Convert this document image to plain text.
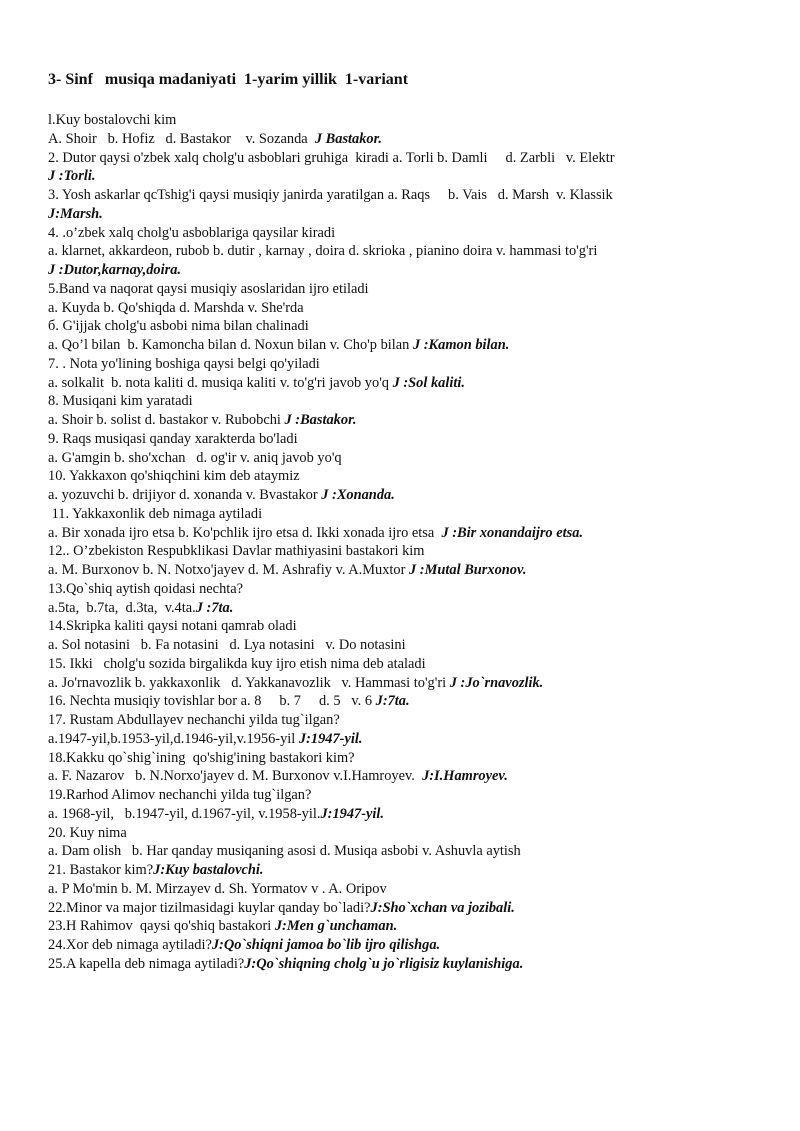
3- Sinf   musiqa madaniyati  1-yarim yillik  1-variant
l.Kuy bostalovchi kim
A. Shoir   b. Hofiz   d. Bastakor    v. Sozanda  J Bastakor.
2. Dutor qaysi o'zbek xalq cholg'u asboblari gruhiga  kiradi a. Torli b. Damli     d. Zarbli   v. Elektr
J :Torli.
3. Yosh askarlar qcTshig'i qaysi musiqiy janirda yaratilgan a. Raqs     b. Vais   d. Marsh  v. Klassik
J:Marsh.
4. .o’zbek xalq cholg'u asboblariga qaysilar kiradi
a. klarnet, akkardeon, rubob b. dutir , karnay , doira d. skrioka , pianino doira v. hammasi to'g'ri
J :Dutor,karnay,doira.
5.Band va naqorat qaysi musiqiy asoslaridan ijro etiladi
a. Kuyda b. Qo'shiqda d. Marshda v. She'rda
б. G'ijjak cholg'u asbobi nima bilan chalinadi
a. Qo’l bilan  b. Kamoncha bilan d. Noxun bilan v. Cho'p bilan J :Kamon bilan.
7. . Nota yo'lining boshiga qaysi belgi qo'yiladi
a. solkalit  b. nota kaliti d. musiqa kaliti v. to'g'ri javob yo'q J :Sol kaliti.
8. Musiqani kim yaratadi
a. Shoir b. solist d. bastakor v. Rubobchi J :Bastakor.
9. Raqs musiqasi qanday xarakterda bo'ladi
a. G'amgin b. sho'xchan   d. og'ir v. aniq javob yo'q
10. Yakkaxon qo'shiqchini kim deb ataymiz
a. yozuvchi b. drijiyor d. xonanda v. Bvastakor J :Xonanda.
11. Yakkaxonlik deb nimaga aytiladi
a. Bir xonada ijro etsa b. Ko'pchlik ijro etsa d. Ikki xonada ijro etsa  J :Bir xonandaijro etsa.
12.. O’zbekiston Respubklikasi Davlar mathiyasini bastakori kim
a. M. Burxonov b. N. Notxo'jayev d. M. Ashrafiy v. A.Muxtor J :Mutal Burxonov.
13.Qo`shiq aytish qoidasi nechta?
a.5ta,  b.7ta,  d.3ta,  v.4ta.J :7ta.
14.Skripka kaliti qaysi notani qamrab oladi
a. Sol notasini   b. Fa notasini   d. Lya notasini   v. Do notasini
15. Ikki   cholg'u sozida birgalikda kuy ijro etish nima deb ataladi
a. Jo'rnavozlik b. yakkaxonlik   d. Yakkanavozlik   v. Hammasi to'g'ri J :Jo`rnavozlik.
16. Nechta musiqiy tovishlar bor a. 8     b. 7     d. 5   v. 6 J:7ta.
17. Rustam Abdullayev nechanchi yilda tug`ilgan?
a.1947-yil,b.1953-yil,d.1946-yil,v.1956-yil J:1947-yil.
18.Kakku qo`shig`ining  qo'shig'ining bastakori kim?
a. F. Nazarov   b. N.Norxo'jayev d. M. Burxonov v.I.Hamroyev.  J:I.Hamroyev.
19.Rarhod Alimov nechanchi yilda tug`ilgan?
a. 1968-yil,   b.1947-yil, d.1967-yil, v.1958-yil.J:1947-yil.
20. Kuy nima
a. Dam olish   b. Har qanday musiqaning asosi d. Musiqa asbobi v. Ashuvla aytish
21. Bastakor kim?J:Kuy bastalovchi.
a. P Mo'min b. M. Mirzayev d. Sh. Yormatov v . A. Oripov
22.Minor va major tizilmasidagi kuylar qanday bo`ladi?J:Sho`xchan va jozibali.
23.H Rahimov  qaysi qo'shiq bastakori J:Men g`unchaman.
24.Xor deb nimaga aytiladi?J:Qo`shiqni jamoa bo`lib ijro qilishga.
25.A kapella deb nimaga aytiladi?J:Qo`shiqning cholg`u jo`rligisiz kuylanishiga.
